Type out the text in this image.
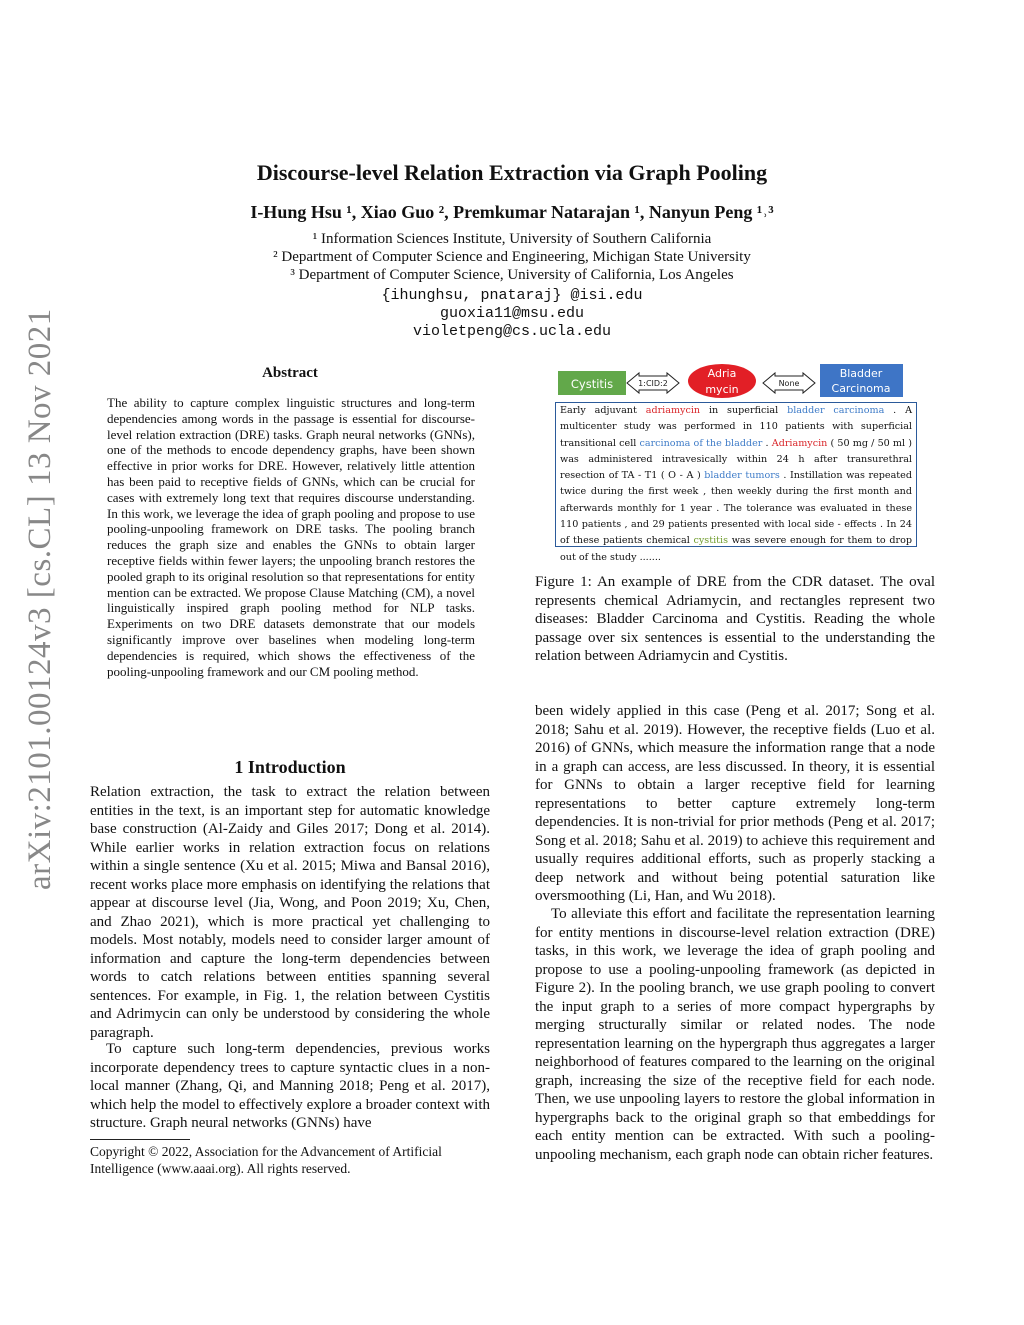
arXiv:2101.00124v3 [cs.CL] 13 Nov 2021
Discourse-level Relation Extraction via Graph Pooling
I-Hung Hsu ¹, Xiao Guo ², Premkumar Natarajan ¹, Nanyun Peng ¹˒³
¹ Information Sciences Institute, University of Southern California
² Department of Computer Science and Engineering, Michigan State University
³ Department of Computer Science, University of California, Los Angeles
{ihunghsu, pnataraj} @isi.edu
guoxia11@msu.edu
violetpeng@cs.ucla.edu
Abstract
The ability to capture complex linguistic structures and long-term dependencies among words in the passage is essential for discourse-level relation extraction (DRE) tasks. Graph neural networks (GNNs), one of the methods to encode dependency graphs, have been shown effective in prior works for DRE. However, relatively little attention has been paid to receptive fields of GNNs, which can be crucial for cases with extremely long text that requires discourse understanding. In this work, we leverage the idea of graph pooling and propose to use pooling-unpooling framework on DRE tasks. The pooling branch reduces the graph size and enables the GNNs to obtain larger receptive fields within fewer layers; the unpooling branch restores the pooled graph to its original resolution so that representations for entity mention can be extracted. We propose Clause Matching (CM), a novel linguistically inspired graph pooling method for NLP tasks. Experiments on two DRE datasets demonstrate that our models significantly improve over baselines when modeling long-term dependencies is required, which shows the effectiveness of the pooling-unpooling framework and our CM pooling method.
1 Introduction
Relation extraction, the task to extract the relation between entities in the text, is an important step for automatic knowledge base construction (Al-Zaidy and Giles 2017; Dong et al. 2014). While earlier works in relation extraction focus on relations within a single sentence (Xu et al. 2015; Miwa and Bansal 2016), recent works place more emphasis on identifying the relations that appear at discourse level (Jia, Wong, and Poon 2019; Xu, Chen, and Zhao 2021), which is more practical yet challenging to models. Most notably, models need to consider larger amount of information and capture the long-term dependencies between words to catch relations between entities spanning several sentences. For example, in Fig. 1, the relation between Cystitis and Adrimycin can only be understood by considering the whole paragraph.
To capture such long-term dependencies, previous works incorporate dependency trees to capture syntactic clues in a non-local manner (Zhang, Qi, and Manning 2018; Peng et al. 2017), which help the model to effectively explore a broader context with structure. Graph neural networks (GNNs) have
Copyright © 2022, Association for the Advancement of Artificial Intelligence (www.aaai.org). All rights reserved.
Cystitis	1:CID:2
Adria
mycin	None
Bladder
Carcinoma
Early adjuvant adriamycin in superficial bladder carcinoma . A multicenter study was performed in 110 patients with superficial transitional cell carcinoma of the bladder . Adriamycin ( 50 mg / 50 ml ) was administered intravesically within 24 h after transurethral resection of TA - T1 ( O - A ) bladder tumors . Instillation was repeated twice during the first week , then weekly during the first month and afterwards monthly for 1 year . The tolerance was evaluated in these 110 patients , and 29 patients presented with local side - effects . In 24 of these patients chemical cystitis was severe enough for them to drop out of the study .......
Figure 1: An example of DRE from the CDR dataset. The oval represents chemical Adriamycin, and rectangles represent two diseases: Bladder Carcinoma and Cystitis. Reading the whole passage over six sentences is essential to the understanding the relation between Adriamycin and Cystitis.
been widely applied in this case (Peng et al. 2017; Song et al. 2018; Sahu et al. 2019). However, the receptive fields (Luo et al. 2016) of GNNs, which measure the information range that a node in a graph can access, are less discussed. In theory, it is essential for GNNs to obtain a larger receptive field for learning representations to better capture extremely long-term dependencies. It is non-trivial for prior methods (Peng et al. 2017; Song et al. 2018; Sahu et al. 2019) to achieve this requirement and usually requires additional efforts, such as properly stacking a deep network and without being potential saturation like oversmoothing (Li, Han, and Wu 2018).
To alleviate this effort and facilitate the representation learning for entity mentions in discourse-level relation extraction (DRE) tasks, in this work, we leverage the idea of graph pooling and propose to use a pooling-unpooling framework (as depicted in Figure 2). In the pooling branch, we use graph pooling to convert the input graph to a series of more compact hypergraphs by merging structurally similar or related nodes. The node representation learning on the hypergraph thus aggregates a larger neighborhood of features compared to the learning on the original graph, increasing the size of the receptive field for each node. Then, we use unpooling layers to restore the global information in hypergraphs back to the original graph so that embeddings for each entity mention can be extracted. With such a pooling-unpooling mechanism, each graph node can obtain richer features.
